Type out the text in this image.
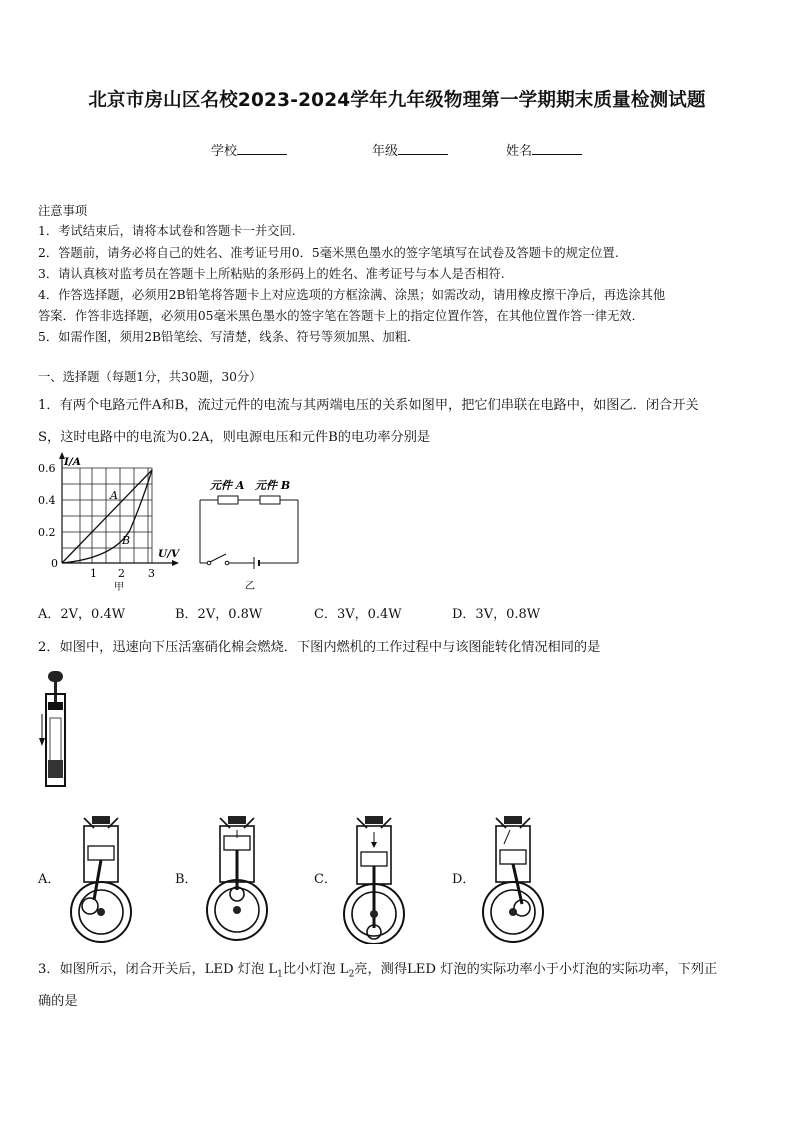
北京市房山区名校2023-2024学年九年级物理第一学期期末质量检测试题
学校	年级	姓名
注意事项
1．考试结束后，请将本试卷和答题卡一并交回.
2．答题前，请务必将自己的姓名、准考证号用0．5毫米黑色墨水的签字笔填写在试卷及答题卡的规定位置.
3．请认真核对监考员在答题卡上所粘贴的条形码上的姓名、准考证号与本人是否相符.
4．作答选择题，必须用2B铅笔将答题卡上对应选项的方框涂满、涂黑；如需改动，请用橡皮擦干净后，再选涂其他
答案．作答非选择题，必须用05毫米黑色墨水的签字笔在答题卡上的指定位置作答，在其他位置作答一律无效．
5．如需作图，须用2B铅笔绘、写清楚，线条、符号等须加黑、加粗．
一、选择题（每题1分，共30题，30分）
1．有两个电路元件A和B，流过元件的电流与其两端电压的关系如图甲，把它们串联在电路中，如图乙．闭合开关
S，这时电路中的电流为0.2A，则电源电压和元件B的电功率分别是
I/A
U/V
0.6
0.4
0.2
0
1 2 3
A
B
甲
元件 A 元件 B
乙
A．2V，0.4W	B．2V，0.8W	C．3V，0.4W	D．3V，0.8W
2．如图中，迅速向下压活塞硝化棉会燃烧．下图内燃机的工作过程中与该图能转化情况相同的是
A．	B．	C．	D．
3．如图所示，闭合开关后，LED 灯泡 $L_1$比小灯泡 $L_2$亮，测得LED 灯泡的实际功率小于小灯泡的实际功率，下列正
确的是
